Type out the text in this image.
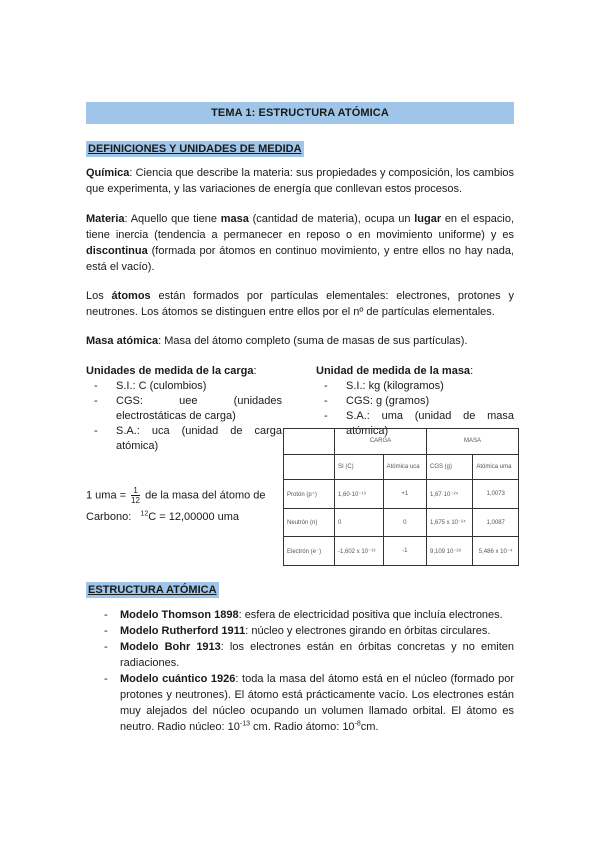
TEMA 1: ESTRUCTURA ATÓMICA
DEFINICIONES Y UNIDADES DE MEDIDA

Química: Ciencia que describe la materia: sus propiedades y composición, los cambios que experimenta, y las variaciones de energía que conllevan estos procesos.

Materia: Aquello que tiene masa (cantidad de materia), ocupa un lugar en el espacio, tiene inercia (tendencia a permanecer en reposo o en movimiento uniforme) y es discontinua (formada por átomos en continuo movimiento, y entre ellos no hay nada, está el vacío).

Los átomos están formados por partículas elementales: electrones, protones y neutrones. Los átomos se distinguen entre ellos por el nº de partículas elementales.

Masa atómica: Masa del átomo completo (suma de masas de sus partículas).

Unidades de medida de la carga:
- S.I.: C (culombios)
- CGS: uee (unidades electrostáticas de carga)
- S.A.: uca (unidad de carga atómica)
Unidad de medida de la masa:
- S.I.: kg (kilogramos)
- CGS: g (gramos)
- S.A.: uma (unidad de masa atómica)
1 uma = $\frac{1}{12}$ de la masa del átomo de
Carbono: $^{12}$C = 12,00000 uma
	CARGA		MASA	
	SI (C)	Atómica uca	CGS (g)	Atómica uma
Protón (p⁺)	1,60·10⁻¹⁹	+1	1,67·10⁻²⁴	1,0073
Neutrón (n)	0	0	1,675 x 10⁻²⁴	1,0087
Electrón (e⁻)	-1,602 x 10⁻¹⁹	-1	9,109 10⁻²⁸	5,486 x 10⁻⁴
ESTRUCTURA ATÓMICA
- Modelo Thomson 1898: esfera de electricidad positiva que incluía electrones.
- Modelo Rutherford 1911: núcleo y electrones girando en órbitas circulares.
- Modelo Bohr 1913: los electrones están en órbitas concretas y no emiten radiaciones.
- Modelo cuántico 1926: toda la masa del átomo está en el núcleo (formado por protones y neutrones). El átomo está prácticamente vacío. Los electrones están muy alejados del núcleo ocupando un volumen llamado orbital. El átomo es neutro. Radio núcleo: $10^{-13}$ cm. Radio átomo: $10^{-8}cm$.
